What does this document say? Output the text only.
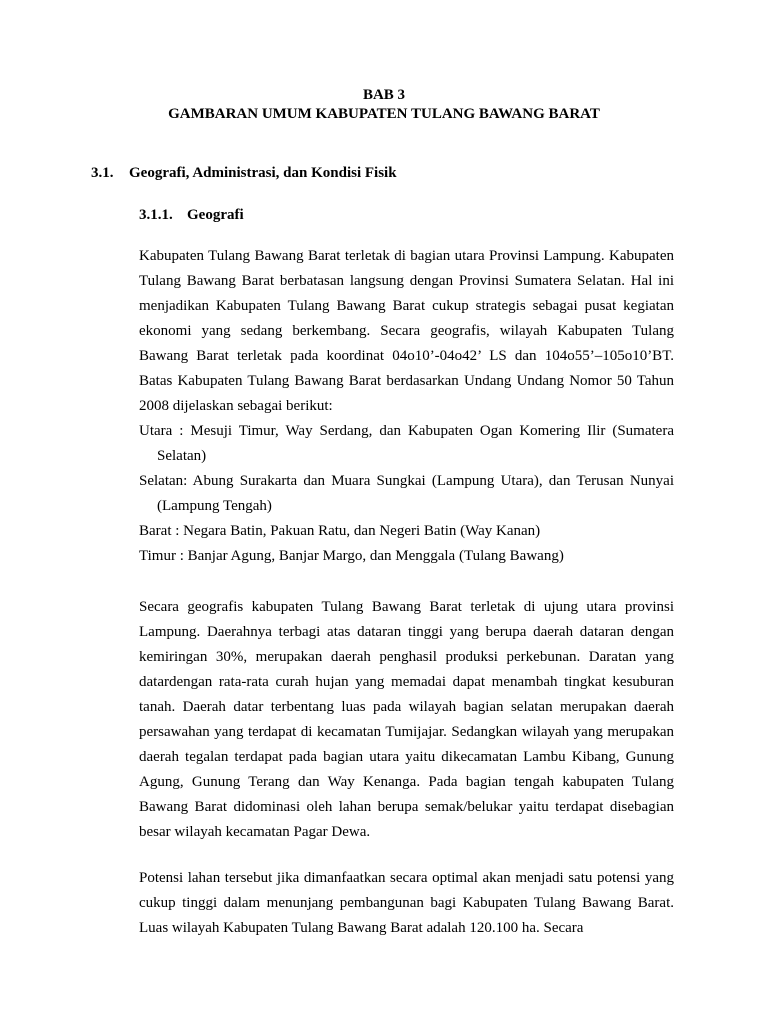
BAB 3
GAMBARAN UMUM KABUPATEN TULANG BAWANG BARAT
3.1. Geografi, Administrasi, dan Kondisi Fisik
3.1.1. Geografi

Kabupaten Tulang Bawang Barat terletak di bagian utara Provinsi Lampung. Kabupaten Tulang Bawang Barat berbatasan langsung dengan Provinsi Sumatera Selatan. Hal ini menjadikan Kabupaten Tulang Bawang Barat cukup strategis sebagai pusat kegiatan ekonomi yang sedang berkembang. Secara geografis, wilayah Kabupaten Tulang Bawang Barat terletak pada koordinat 04o10’-04o42’ LS dan 104o55’–105o10’BT. Batas Kabupaten Tulang Bawang Barat berdasarkan Undang Undang Nomor 50 Tahun 2008 dijelaskan sebagai berikut:

Utara : Mesuji Timur, Way Serdang, dan Kabupaten Ogan Komering Ilir (Sumatera Selatan)
Selatan: Abung Surakarta dan Muara Sungkai (Lampung Utara), dan Terusan Nunyai (Lampung Tengah)
Barat : Negara Batin, Pakuan Ratu, dan Negeri Batin (Way Kanan)
Timur : Banjar Agung, Banjar Margo, dan Menggala (Tulang Bawang)

Secara geografis kabupaten Tulang Bawang Barat terletak di ujung utara provinsi Lampung. Daerahnya terbagi atas dataran tinggi yang berupa daerah dataran dengan kemiringan 30%, merupakan daerah penghasil produksi perkebunan. Daratan yang datardengan rata-rata curah hujan yang memadai dapat menambah tingkat kesuburan tanah. Daerah datar terbentang luas pada wilayah bagian selatan merupakan daerah persawahan yang terdapat di kecamatan Tumijajar. Sedangkan wilayah yang merupakan daerah tegalan terdapat pada bagian utara yaitu dikecamatan Lambu Kibang, Gunung Agung, Gunung Terang dan Way Kenanga. Pada bagian tengah kabupaten Tulang Bawang Barat didominasi oleh lahan berupa semak/belukar yaitu terdapat disebagian besar wilayah kecamatan Pagar Dewa.

Potensi lahan tersebut jika dimanfaatkan secara optimal akan menjadi satu potensi yang cukup tinggi dalam menunjang pembangunan bagi Kabupaten Tulang Bawang Barat. Luas wilayah Kabupaten Tulang Bawang Barat adalah 120.100 ha. Secara
